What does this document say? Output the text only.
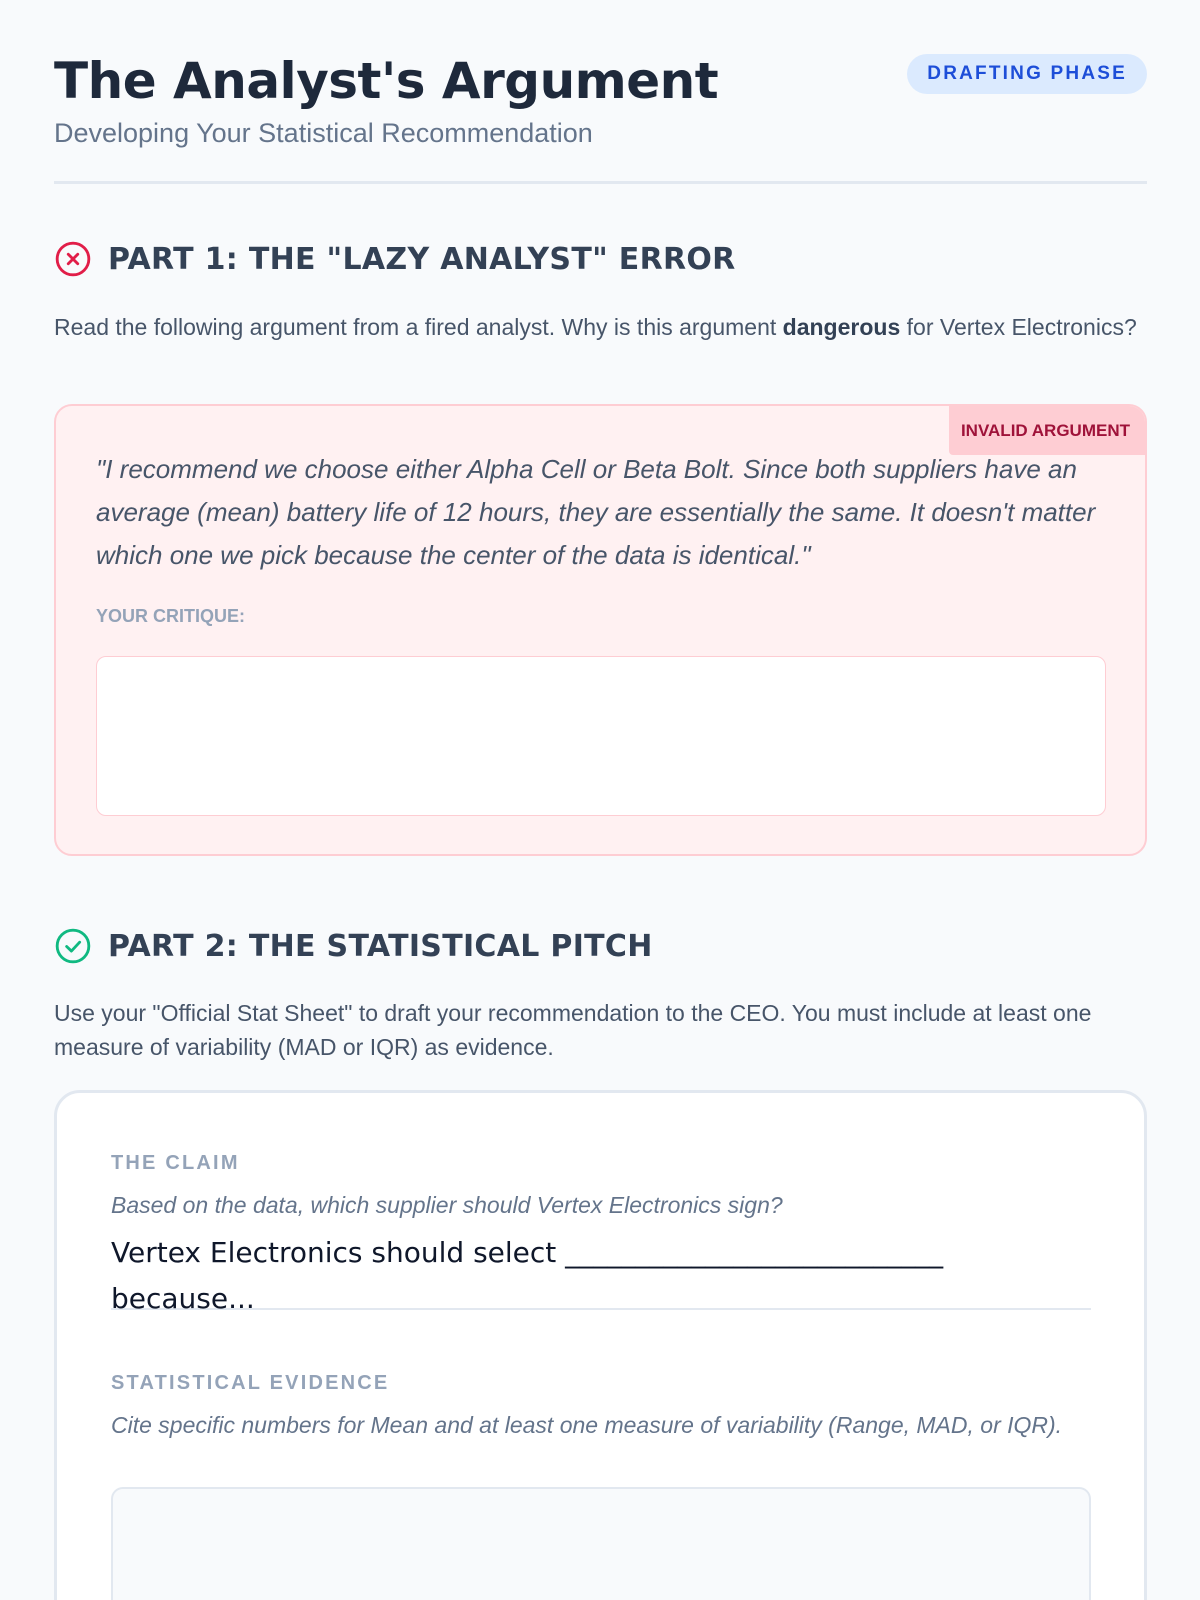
The Analyst's Argument
Developing Your Statistical Recommendation
DRAFTING PHASE
PART 1: THE "LAZY ANALYST" ERROR

Read the following argument from a fired analyst. Why is this argument dangerous for Vertex Electronics?

INVALID ARGUMENT

"I recommend we choose either Alpha Cell or Beta Bolt. Since both suppliers have an average (mean) battery life of 12 hours, they are essentially the same. It doesn't matter which one we pick because the center of the data is identical."

YOUR CRITIQUE:
PART 2: THE STATISTICAL PITCH

Use your "Official Stat Sheet" to draft your recommendation to the CEO. You must include at least one measure of variability (MAD or IQR) as evidence.

THE CLAIM
Based on the data, which supplier should Vertex Electronics sign?
Vertex Electronics should select ___________________________ because...
STATISTICAL EVIDENCE
Cite specific numbers for Mean and at least one measure of variability (Range, MAD, or IQR).
